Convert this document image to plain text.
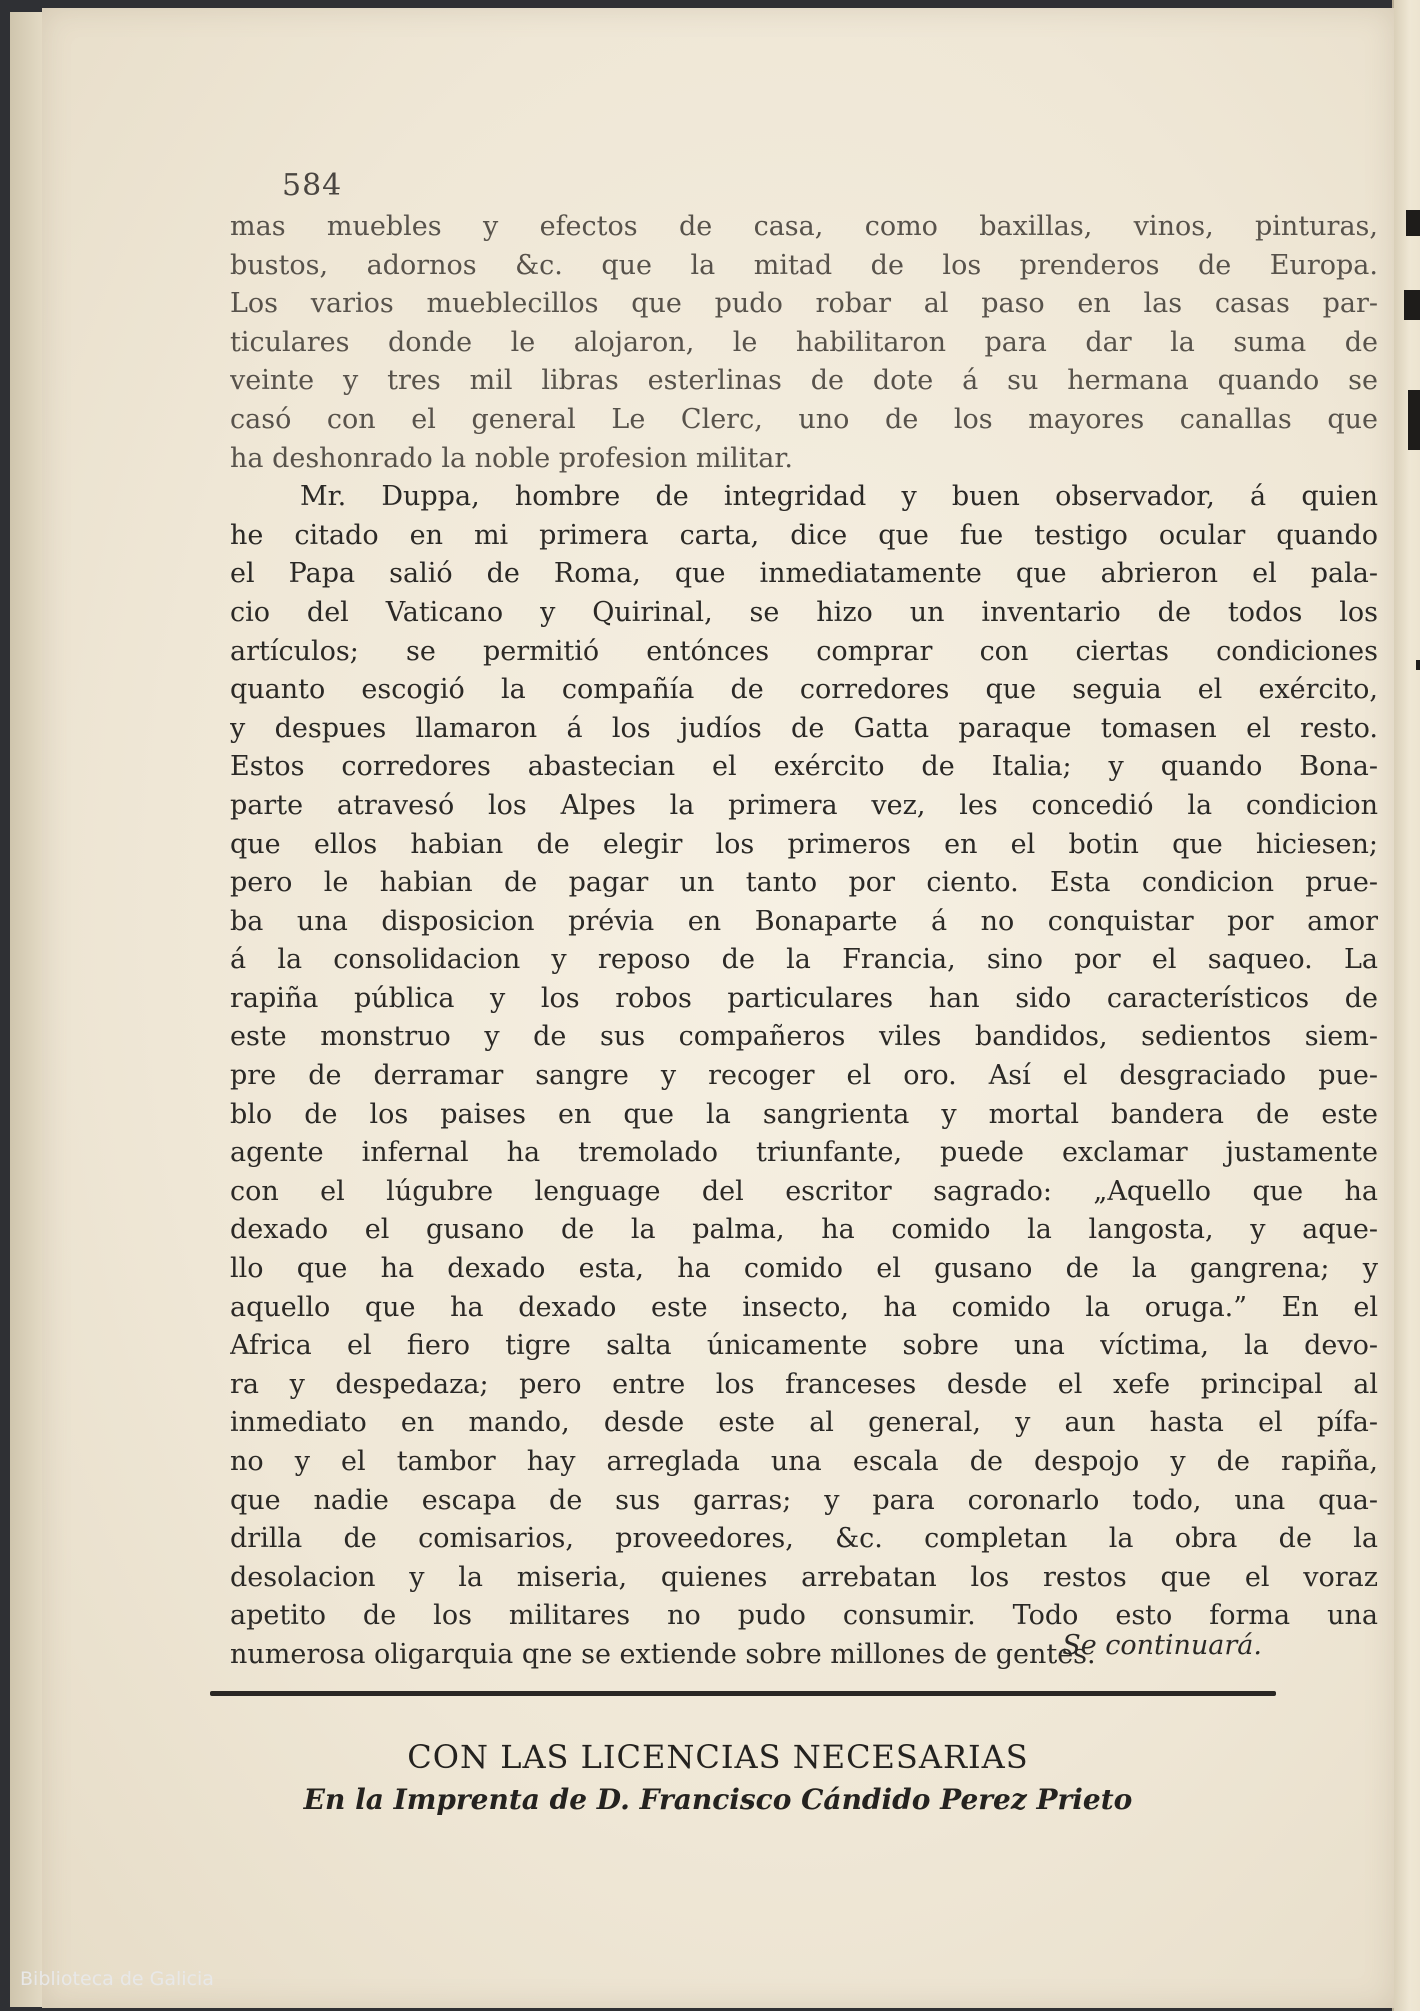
584
mas muebles y efectos de casa, como baxillas, vinos, pinturas,
bustos, adornos &c. que la mitad de los prenderos de Europa.
Los varios mueblecillos que pudo robar al paso en las casas par-
ticulares donde le alojaron, le habilitaron para dar la suma de
veinte y tres mil libras esterlinas de dote á su hermana quando se
casó con el general Le Clerc, uno de los mayores canallas que
ha deshonrado la noble profesion militar.
Mr. Duppa, hombre de integridad y buen observador, á quien
he citado en mi primera carta, dice que fue testigo ocular quando
el Papa salió de Roma, que inmediatamente que abrieron el pala-
cio del Vaticano y Quirinal, se hizo un inventario de todos los
artículos; se permitió entónces comprar con ciertas condiciones
quanto escogió la compañía de corredores que seguia el exército,
y despues llamaron á los judíos de Gatta paraque tomasen el resto.
Estos corredores abastecian el exército de Italia; y quando Bona-
parte atravesó los Alpes la primera vez, les concedió la condicion
que ellos habian de elegir los primeros en el botin que hiciesen;
pero le habian de pagar un tanto por ciento. Esta condicion prue-
ba una disposicion prévia en Bonaparte á no conquistar por amor
á la consolidacion y reposo de la Francia, sino por el saqueo. La
rapiña pública y los robos particulares han sido característicos de
este monstruo y de sus compañeros viles bandidos, sedientos siem-
pre de derramar sangre y recoger el oro. Así el desgraciado pue-
blo de los paises en que la sangrienta y mortal bandera de este
agente infernal ha tremolado triunfante, puede exclamar justamente
con el lúgubre lenguage del escritor sagrado: „Aquello que ha
dexado el gusano de la palma, ha comido la langosta, y aque-
llo que ha dexado esta, ha comido el gusano de la gangrena; y
aquello que ha dexado este insecto, ha comido la oruga.” En el
Africa el fiero tigre salta únicamente sobre una víctima, la devo-
ra y despedaza; pero entre los franceses desde el xefe principal al
inmediato en mando, desde este al general, y aun hasta el pífa-
no y el tambor hay arreglada una escala de despojo y de rapiña,
que nadie escapa de sus garras; y para coronarlo todo, una qua-
drilla de comisarios, proveedores, &c. completan la obra de la
desolacion y la miseria, quienes arrebatan los restos que el voraz
apetito de los militares no pudo consumir. Todo esto forma una
numerosa oligarquia qne se extiende sobre millones de gentes.
Se continuará.
CON LAS LICENCIAS NECESARIAS
En la Imprenta de D. Francisco Cándido Perez Prieto
Biblioteca de Galicia
